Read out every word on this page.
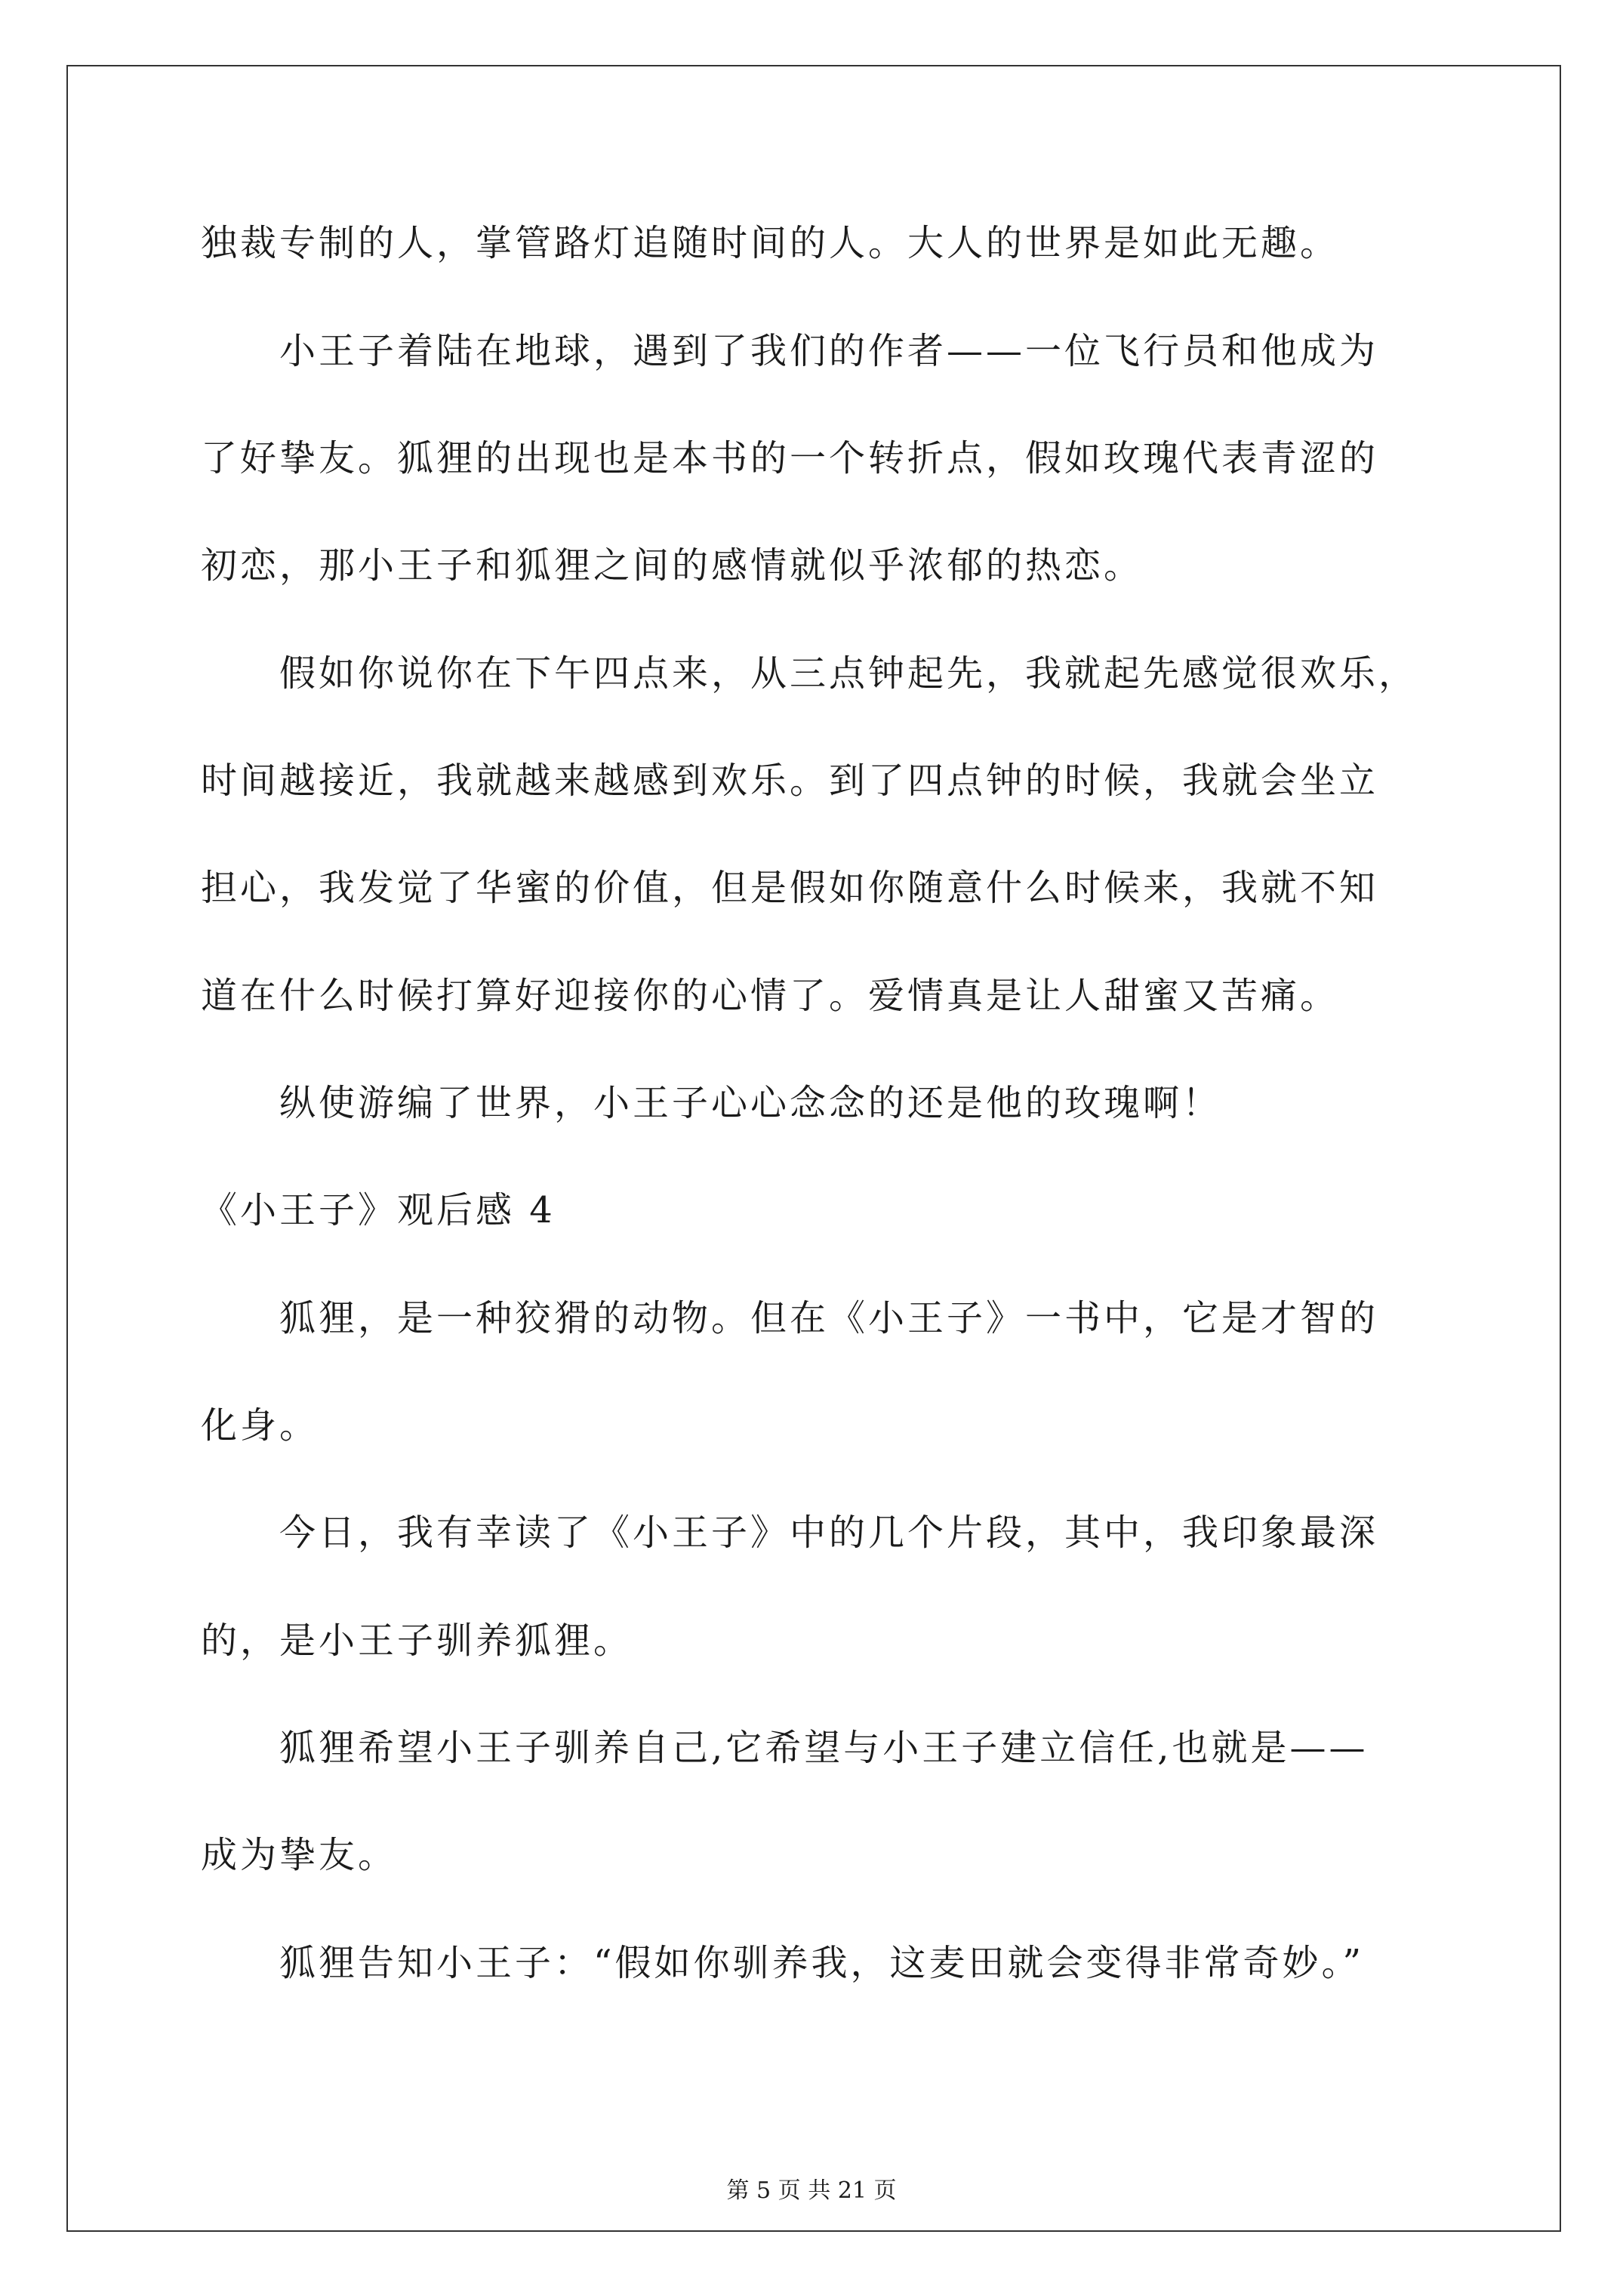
独裁专制的人，掌管路灯追随时间的人。大人的世界是如此无趣。
小王子着陆在地球，遇到了我们的作者——一位飞行员和他成为
了好挚友。狐狸的出现也是本书的一个转折点，假如玫瑰代表青涩的
初恋，那小王子和狐狸之间的感情就似乎浓郁的热恋。
假如你说你在下午四点来，从三点钟起先，我就起先感觉很欢乐，
时间越接近，我就越来越感到欢乐。到了四点钟的时候，我就会坐立
担心，我发觉了华蜜的价值，但是假如你随意什么时候来，我就不知
道在什么时候打算好迎接你的心情了。爱情真是让人甜蜜又苦痛。
纵使游编了世界，小王子心心念念的还是他的玫瑰啊！
《小王子》观后感 4
狐狸，是一种狡猾的动物。但在《小王子》一书中，它是才智的
化身。
今日，我有幸读了《小王子》中的几个片段，其中，我印象最深
的，是小王子驯养狐狸。
狐狸希望小王子驯养自己,它希望与小王子建立信任,也就是——
成为挚友。
狐狸告知小王子：“假如你驯养我，这麦田就会变得非常奇妙。”
第 5 页 共 21 页
